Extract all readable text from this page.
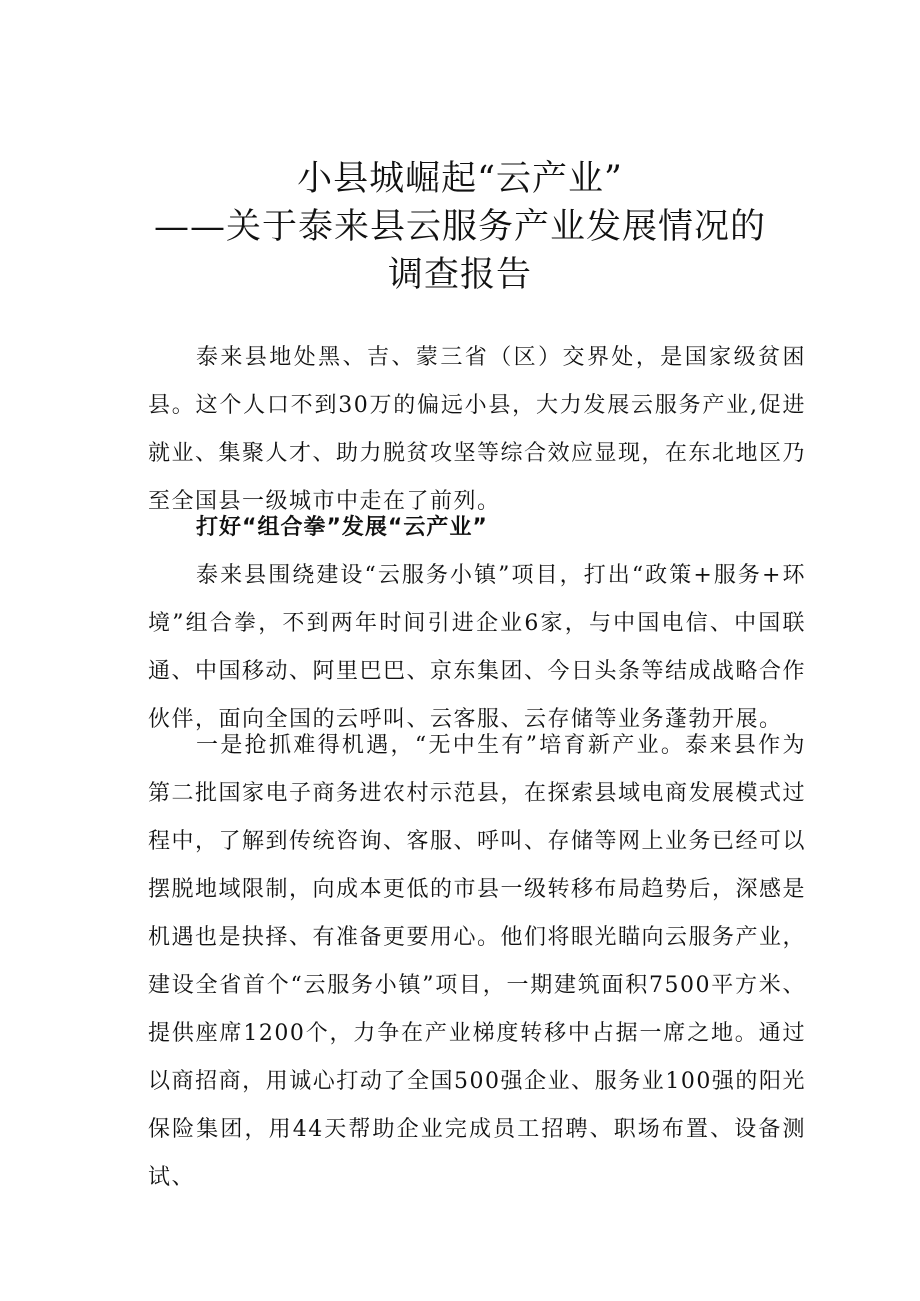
小县城崛起“云产业”
——关于泰来县云服务产业发展情况的
调查报告

泰来县地处黑、吉、蒙三省（区）交界处，是国家级贫困县。这个人口不到30万的偏远小县，大力发展云服务产业,促进就业、集聚人才、助力脱贫攻坚等综合效应显现，在东北地区乃至全国县一级城市中走在了前列。

打好“组合拳”发展“云产业”

泰来县围绕建设“云服务小镇”项目，打出“政策+服务+环境”组合拳，不到两年时间引进企业6家，与中国电信、中国联通、中国移动、阿里巴巴、京东集团、今日头条等结成战略合作伙伴，面向全国的云呼叫、云客服、云存储等业务蓬勃开展。

一是抢抓难得机遇，“无中生有”培育新产业。泰来县作为第二批国家电子商务进农村示范县，在探索县域电商发展模式过程中，了解到传统咨询、客服、呼叫、存储等网上业务已经可以摆脱地域限制，向成本更低的市县一级转移布局趋势后，深感是机遇也是抉择、有准备更要用心。他们将眼光瞄向云服务产业，建设全省首个“云服务小镇”项目，一期建筑面积7500平方米、提供座席1200个，力争在产业梯度转移中占据一席之地。通过以商招商，用诚心打动了全国500强企业、服务业100强的阳光保险集团，用44天帮助企业完成员工招聘、职场布置、设备测试、
